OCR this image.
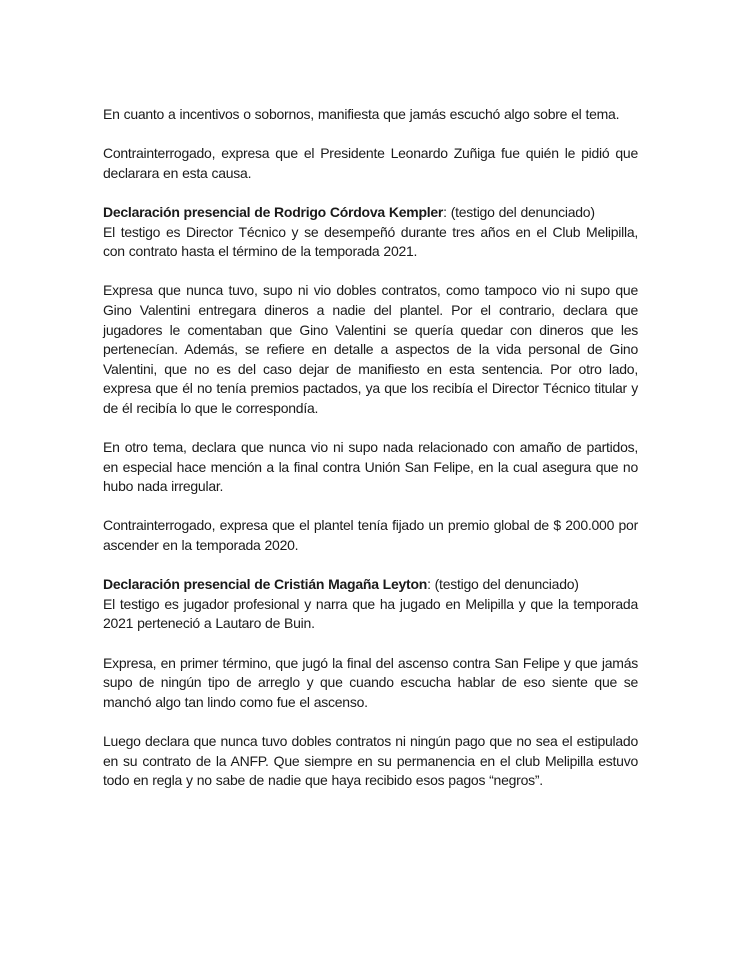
En cuanto a incentivos o sobornos, manifiesta que jamás escuchó algo sobre el tema.

Contrainterrogado, expresa que el Presidente Leonardo Zuñiga fue quién le pidió que declarara en esta causa.

Declaración presencial de Rodrigo Córdova Kempler: (testigo del denunciado)
El testigo es Director Técnico y se desempeñó durante tres años en el Club Melipilla, con contrato hasta el término de la temporada 2021.

Expresa que nunca tuvo, supo ni vio dobles contratos, como tampoco vio ni supo que Gino Valentini entregara dineros a nadie del plantel. Por el contrario, declara que jugadores le comentaban que Gino Valentini se quería quedar con dineros que les pertenecían. Además, se refiere en detalle a aspectos de la vida personal de Gino Valentini, que no es del caso dejar de manifiesto en esta sentencia. Por otro lado, expresa que él no tenía premios pactados, ya que los recibía el Director Técnico titular y de él recibía lo que le correspondía.

En otro tema, declara que nunca vio ni supo nada relacionado con amaño de partidos, en especial hace mención a la final contra Unión San Felipe, en la cual asegura que no hubo nada irregular.

Contrainterrogado, expresa que el plantel tenía fijado un premio global de $ 200.000 por ascender en la temporada 2020.

Declaración presencial de Cristián Magaña Leyton: (testigo del denunciado)
El testigo es jugador profesional y narra que ha jugado en Melipilla y que la temporada 2021 perteneció a Lautaro de Buin.

Expresa, en primer término, que jugó la final del ascenso contra San Felipe y que jamás supo de ningún tipo de arreglo y que cuando escucha hablar de eso siente que se manchó algo tan lindo como fue el ascenso.

Luego declara que nunca tuvo dobles contratos ni ningún pago que no sea el estipulado en su contrato de la ANFP. Que siempre en su permanencia en el club Melipilla estuvo todo en regla y no sabe de nadie que haya recibido esos pagos “negros”.
